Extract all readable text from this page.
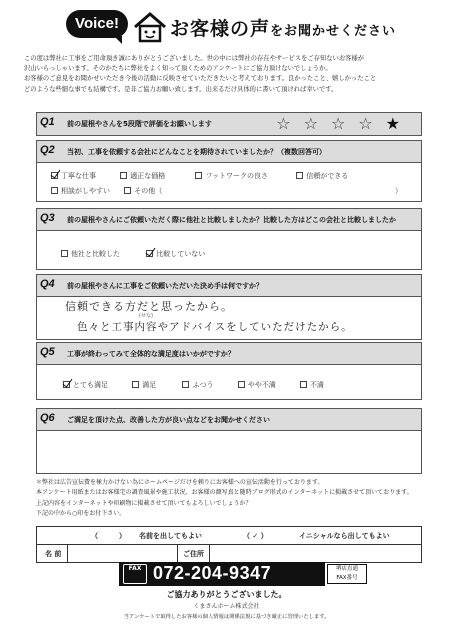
Voice!	お客様の声をお聞かせください
この度は弊社に工事をご用命頂き誠にありがとうございました。世の中には弊社の存在やサービスをご存知ないお客様が
沢山いらっしゃいます。そのかたちに弊社をよく知って頂くためのアンケートにご協力頂けないでしょうか。
お客様のご意見をお聞かせいただき今後の活動に反映させていただきたいと考えております。良かったこと、嬉しかったこと
どのような些細な事でも結構です。是非ご協力お願い致します。出来るだけ具体的に書いて頂ければ幸いです。
Q1 前の屋根やさんを5段階で評価をお願いします	☆☆☆☆★
Q2 当初、工事を依頼する会社にどんなことを期待されていましたか？（複数回答可）
丁寧な仕事	適正な価格	フットワークの良さ	信頼ができる
相談がしやすい	その他（	）
Q3 前の屋根やさんにご依頼いただく際に他社と比較しましたか？比較した方はどこの会社と比較しましたか
他社と比較した	比較していない
Q4 前の屋根やさんに工事をご依頼いただいた決め手は何ですか？
信頼できる方だと思ったから。
(せな)
色々と工事内容やアドバイスをしていただけたから。
Q5 工事が終わってみて全体的な満足度はいかがですか？
とても満足	満足	ふつう	やや不満	不満
Q6 ご満足を頂けた点、改善した方が良い点などをお聞かせください
＊弊社は広告宣伝費を極力かけない為にホームページだけを頼りにお客様への宣伝活動を行っております。
本アンケート用紙またはお客様宅の調査風景や施工状況、お客様の顔写真と随時ブログ形式のインターネットに掲載させて頂いております。
上記内容をインターネットや印刷物に掲載させて頂いてもよろしいでしょうか？
下記の中から○印をお付下さい。
（　　　） 名前を出してもよい	（ ✓ ）	イニシャルなら出してもよい
名 前	ご住所
FAX 072-204-9347	堺店直通
FAX番号
ご協力ありがとうございました。
くまさんホーム株式会社
当アンケートで取得したお客様の個人情報は関係法規に基づき厳正に管理いたします。
